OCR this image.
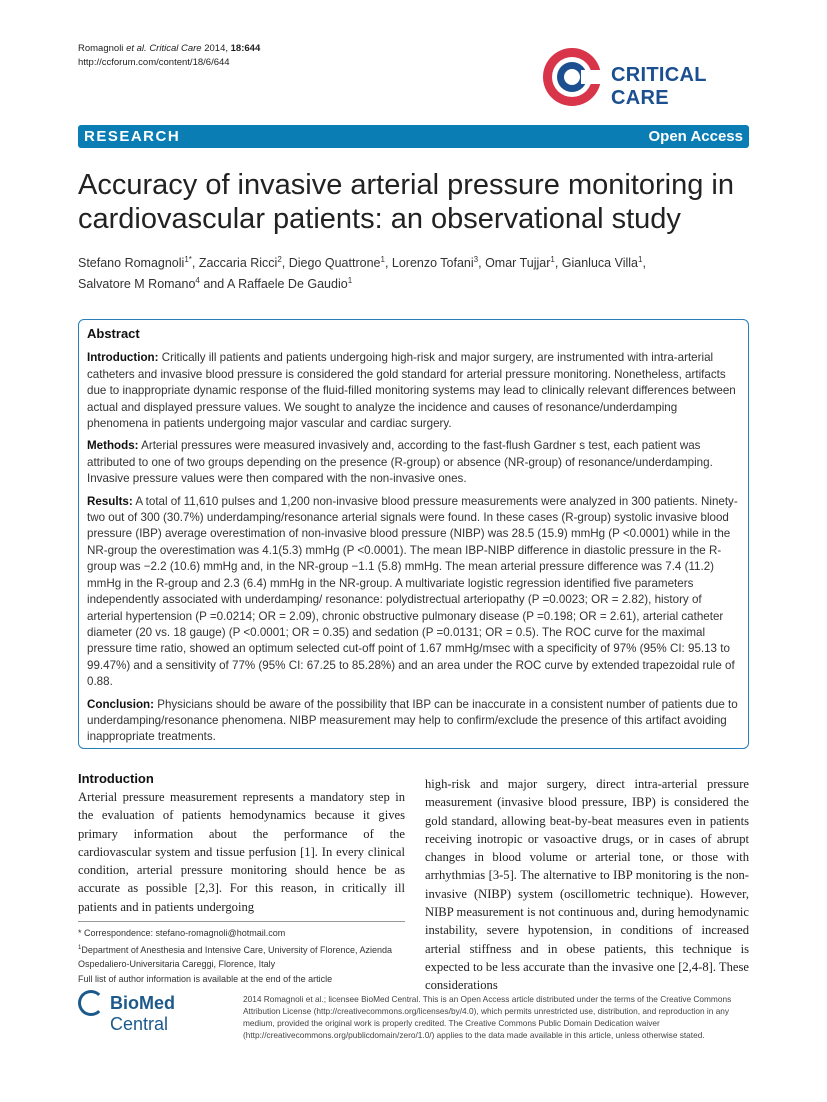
Romagnoli et al. Critical Care 2014, 18:644
http://ccforum.com/content/18/6/644
CRITICAL CARE
RESEARCH	Open Access
Accuracy of invasive arterial pressure monitoring in cardiovascular patients: an observational study
Stefano Romagnoli$^{1*}$, Zaccaria Ricci$^2$, Diego Quattrone$^1$, Lorenzo Tofani$^3$, Omar Tujjar$^1$, Gianluca Villa$^1$,
Salvatore M Romano$^4$ and A Raffaele De Gaudio$^1$
Abstract

Introduction: Critically ill patients and patients undergoing high-risk and major surgery, are instrumented with intra-arterial catheters and invasive blood pressure is considered the gold standard for arterial pressure monitoring. Nonetheless, artifacts due to inappropriate dynamic response of the fluid-filled monitoring systems may lead to clinically relevant differences between actual and displayed pressure values. We sought to analyze the incidence and causes of resonance/underdamping phenomena in patients undergoing major vascular and cardiac surgery.

Methods: Arterial pressures were measured invasively and, according to the fast-flush Gardner s test, each patient was attributed to one of two groups depending on the presence (R-group) or absence (NR-group) of resonance/underdamping. Invasive pressure values were then compared with the non-invasive ones.

Results: A total of 11,610 pulses and 1,200 non-invasive blood pressure measurements were analyzed in 300 patients. Ninety-two out of 300 (30.7%) underdamping/resonance arterial signals were found. In these cases (R-group) systolic invasive blood pressure (IBP) average overestimation of non-invasive blood pressure (NIBP) was 28.5 (15.9) mmHg (P <0.0001) while in the NR-group the overestimation was 4.1(5.3) mmHg (P <0.0001). The mean IBP-NIBP difference in diastolic pressure in the R-group was −2.2 (10.6) mmHg and, in the NR-group −1.1 (5.8) mmHg. The mean arterial pressure difference was 7.4 (11.2) mmHg in the R-group and 2.3 (6.4) mmHg in the NR-group. A multivariate logistic regression identified five parameters independently associated with underdamping/ resonance: polydistrectual arteriopathy (P =0.0023; OR = 2.82), history of arterial hypertension (P =0.0214; OR = 2.09), chronic obstructive pulmonary disease (P =0.198; OR = 2.61), arterial catheter diameter (20 vs. 18 gauge) (P <0.0001; OR = 0.35) and sedation (P =0.0131; OR = 0.5). The ROC curve for the maximal pressure time ratio, showed an optimum selected cut-off point of 1.67 mmHg/msec with a specificity of 97% (95% CI: 95.13 to 99.47%) and a sensitivity of 77% (95% CI: 67.25 to 85.28%) and an area under the ROC curve by extended trapezoidal rule of 0.88.

Conclusion: Physicians should be aware of the possibility that IBP can be inaccurate in a consistent number of patients due to underdamping/resonance phenomena. NIBP measurement may help to confirm/exclude the presence of this artifact avoiding inappropriate treatments.

Introduction

Arterial pressure measurement represents a mandatory step in the evaluation of patients hemodynamics because it gives primary information about the performance of the cardiovascular system and tissue perfusion [1]. In every clinical condition, arterial pressure monitoring should hence be as accurate as possible [2,3]. For this reason, in critically ill patients and in patients undergoing

high-risk and major surgery, direct intra-arterial pressure measurement (invasive blood pressure, IBP) is considered the gold standard, allowing beat-by-beat measures even in patients receiving inotropic or vasoactive drugs, or in cases of abrupt changes in blood volume or arterial tone, or those with arrhythmias [3-5]. The alternative to IBP monitoring is the non-invasive (NIBP) system (oscillometric technique). However, NIBP measurement is not continuous and, during hemodynamic instability, severe hypotension, in conditions of increased arterial stiffness and in obese patients, this technique is expected to be less accurate than the invasive one [2,4-8]. These considerations

* Correspondence: stefano-romagnoli@hotmail.com
$^1$Department of Anesthesia and Intensive Care, University of Florence, Azienda Ospedaliero-Universitaria Careggi, Florence, Italy
Full list of author information is available at the end of the article
BioMed Central
2014 Romagnoli et al.; licensee BioMed Central. This is an Open Access article distributed under the terms of the Creative Commons Attribution License (http://creativecommons.org/licenses/by/4.0), which permits unrestricted use, distribution, and reproduction in any medium, provided the original work is properly credited. The Creative Commons Public Domain Dedication waiver (http://creativecommons.org/publicdomain/zero/1.0/) applies to the data made available in this article, unless otherwise stated.
